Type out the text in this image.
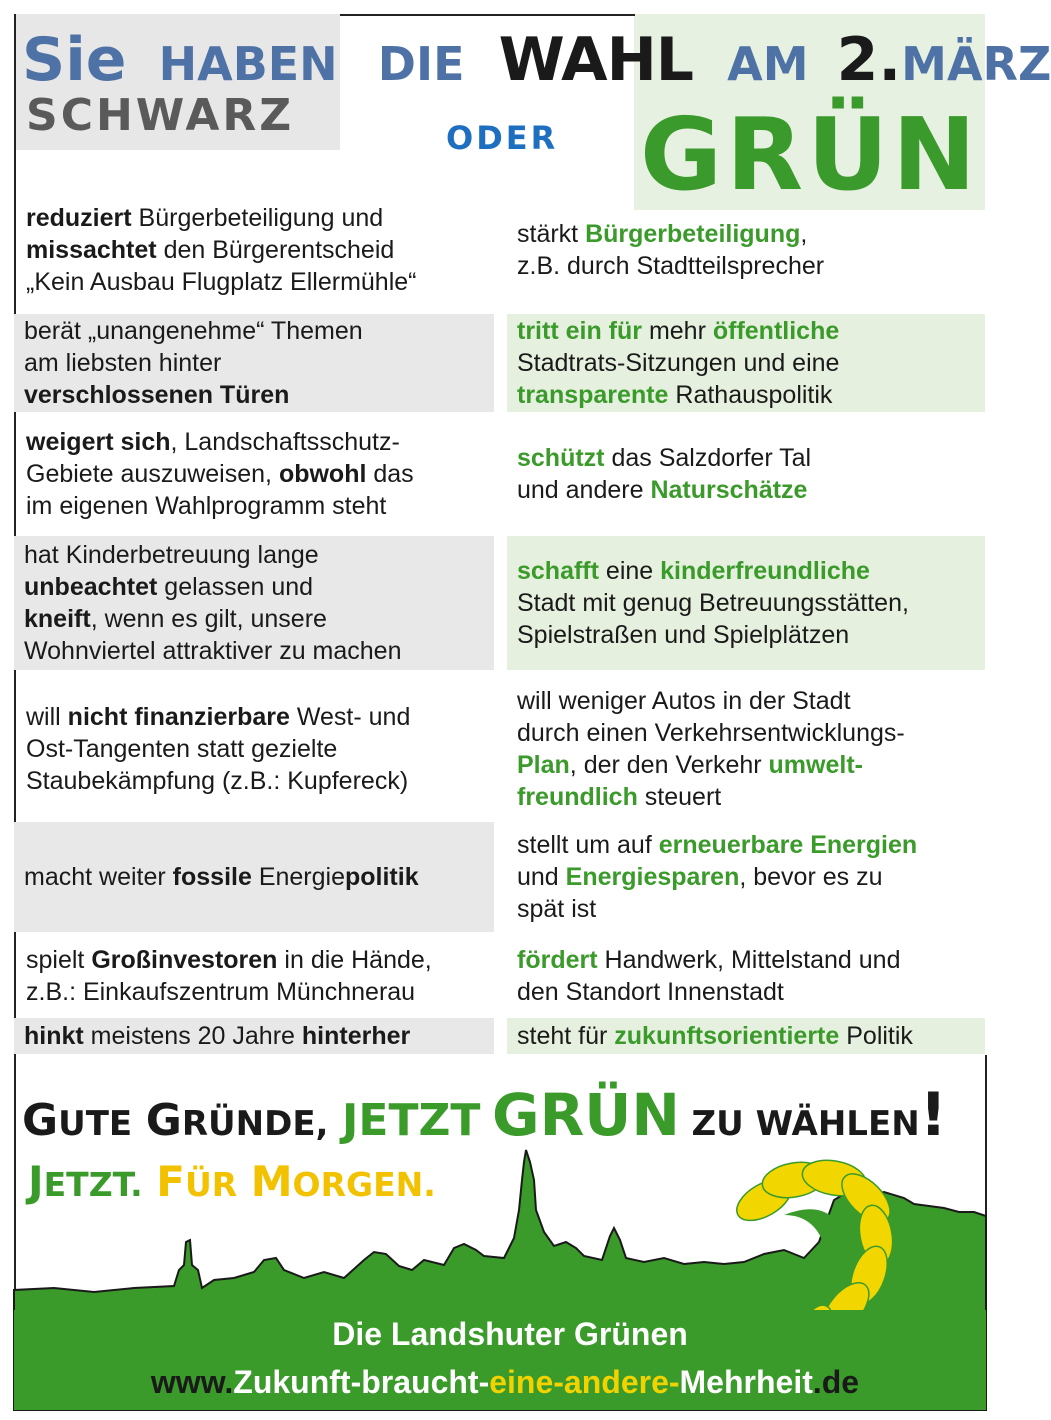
Sie HABEN DIE WAHL AM 2.MÄRZ
SCHWARZ	ODER GRÜN
reduziert Bürgerbeteiligung und
missachtet den Bürgerentscheid
„Kein Ausbau Flugplatz Ellermühle“
stärkt Bürgerbeteiligung,
z.B. durch Stadtteilsprecher
berät „unangenehme“ Themen
am liebsten hinter
verschlossenen Türen
tritt ein für mehr öffentliche
Stadtrats-Sitzungen und eine
transparente Rathauspolitik
weigert sich, Landschaftsschutz-
Gebiete auszuweisen, obwohl das
im eigenen Wahlprogramm steht
schützt das Salzdorfer Tal
und andere Naturschätze
hat Kinderbetreuung lange
unbeachtet gelassen und
kneift, wenn es gilt, unsere
Wohnviertel attraktiver zu machen
schafft eine kinderfreundliche
Stadt mit genug Betreuungsstätten,
Spielstraßen und Spielplätzen
will nicht finanzierbare West- und
Ost-Tangenten statt gezielte
Staubekämpfung (z.B.: Kupfereck)
will weniger Autos in der Stadt
durch einen Verkehrsentwicklungs-
Plan, der den Verkehr umwelt-
freundlich steuert
macht weiter fossile Energiepolitik
stellt um auf erneuerbare Energien
und Energiesparen, bevor es zu
spät ist
spielt Großinvestoren in die Hände,
z.B.: Einkaufszentrum Münchnerau
fördert Handwerk, Mittelstand und
den Standort Innenstadt
hinkt meistens 20 Jahre hinterher	steht für zukunftsorientierte Politik
GUTE GRÜNDE, JETZT GRÜN ZU WÄHLEN!
JETZT. FÜR MORGEN.
Die Landshuter Grünen
www.Zukunft-braucht-eine-andere-Mehrheit.de
